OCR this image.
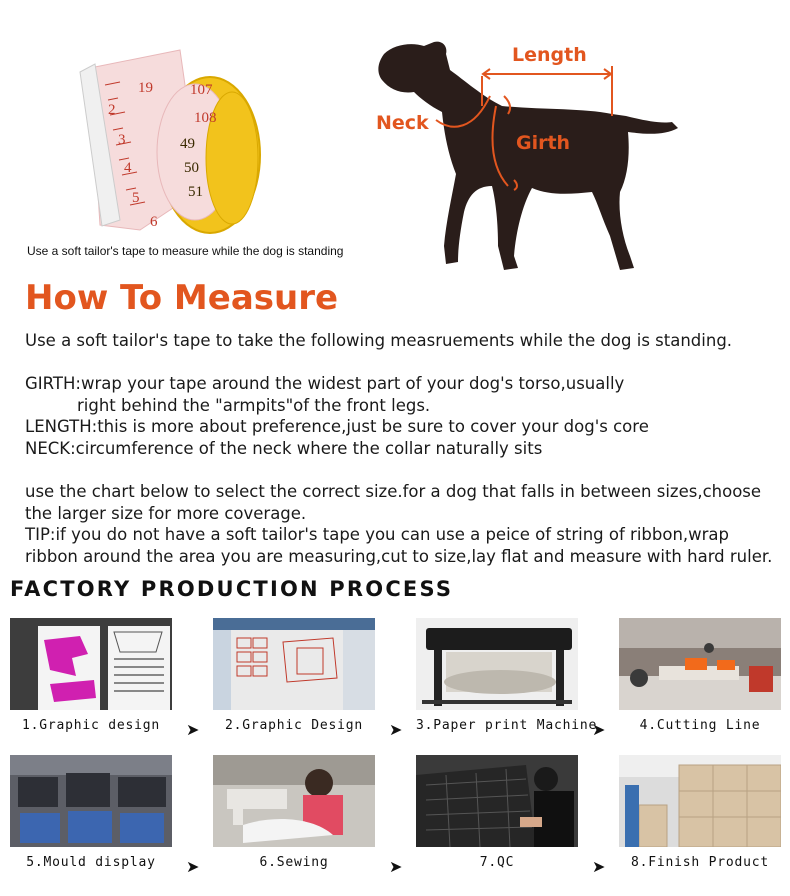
19
2
3
4
5
6
107
108
49
50
51
Use a soft tailor's tape to measure while the dog is standing
Length
Neck
Girth
How To Measure

Use a soft tailor's tape to take the following measruements while the dog is standing.

GIRTH:wrap your tape around the widest part of your dog's torso,usually

right behind the "armpits"of the front legs.

LENGTH:this is more about preference,just be sure to cover your dog's core

NECK:circumference of the neck where the collar naturally sits

use the chart below to select the correct size.for a dog that falls in between sizes,choose

the larger size for more coverage.

TIP:if you do not have a soft tailor's tape you can use a peice of string of ribbon,wrap

ribbon around the area you are measuring,cut to size,lay flat and measure with hard ruler.

FACTORY PRODUCTION PROCESS
1.Graphic design	➤	2.Graphic Design	➤ 3.Paper print Machine
➤	4.Cutting Line
5.Mould display	➤	6.Sewing	➤	7.QC	➤	8.Finish Product
